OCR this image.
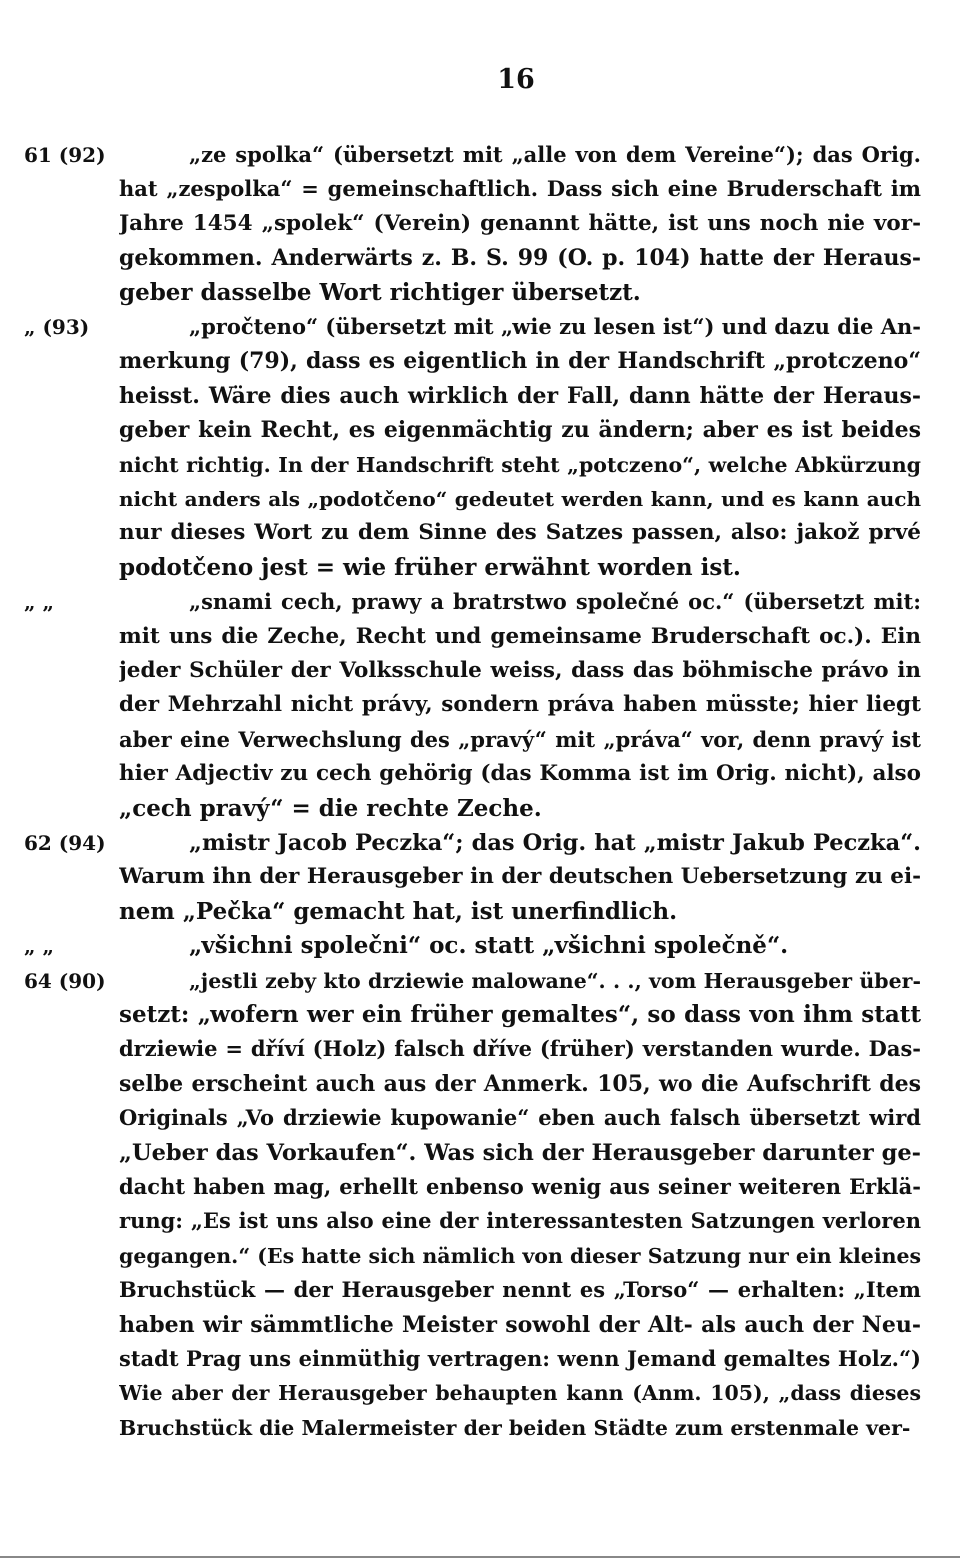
16
61 (92)	„ze spolka“ (übersetzt mit „alle von dem Vereine“); das Orig.
hat „zespolka“ = gemeinschaftlich. Dass sich eine Bruderschaft im
Jahre 1454 „spolek“ (Verein) genannt hätte, ist uns noch nie vor-
gekommen. Anderwärts z. B. S. 99 (O. p. 104) hatte der Heraus-
geber dasselbe Wort richtiger übersetzt.
„ (93)	„pročteno“ (übersetzt mit „wie zu lesen ist“) und dazu die An-
merkung (79), dass es eigentlich in der Handschrift „protczeno“
heisst. Wäre dies auch wirklich der Fall, dann hätte der Heraus-
geber kein Recht, es eigenmächtig zu ändern; aber es ist beides
nicht richtig. In der Handschrift steht „potczeno“, welche Abkürzung
nicht anders als „podotčeno“ gedeutet werden kann, und es kann auch
nur dieses Wort zu dem Sinne des Satzes passen, also: jakož prvé
podotčeno jest = wie früher erwähnt worden ist.
„ „	„snami cech, prawy a bratrstwo společné oc.“ (übersetzt mit:
mit uns die Zeche, Recht und gemeinsame Bruderschaft oc.). Ein
jeder Schüler der Volksschule weiss, dass das böhmische právo in
der Mehrzahl nicht právy, sondern práva haben müsste; hier liegt
aber eine Verwechslung des „pravý“ mit „práva“ vor, denn pravý ist
hier Adjectiv zu cech gehörig (das Komma ist im Orig. nicht), also
„cech pravý“ = die rechte Zeche.
62 (94)	„mistr Jacob Peczka“; das Orig. hat „mistr Jakub Peczka“.
Warum ihn der Herausgeber in der deutschen Uebersetzung zu ei-
nem „Pečka“ gemacht hat, ist unerfindlich.
„ „	„všichni společni“ oc. statt „všichni společně“.
64 (90)	„jestli zeby kto drziewie malowane“. . ., vom Herausgeber über-
setzt: „wofern wer ein früher gemaltes“, so dass von ihm statt
drziewie = dříví (Holz) falsch dříve (früher) verstanden wurde. Das-
selbe erscheint auch aus der Anmerk. 105, wo die Aufschrift des
Originals „Vo drziewie kupowanie“ eben auch falsch übersetzt wird
„Ueber das Vorkaufen“. Was sich der Herausgeber darunter ge-
dacht haben mag, erhellt enbenso wenig aus seiner weiteren Erklä-
rung: „Es ist uns also eine der interessantesten Satzungen verloren
gegangen.“ (Es hatte sich nämlich von dieser Satzung nur ein kleines
Bruchstück — der Herausgeber nennt es „Torso“ — erhalten: „Item
haben wir sämmtliche Meister sowohl der Alt- als auch der Neu-
stadt Prag uns einmüthig vertragen: wenn Jemand gemaltes Holz.“)
Wie aber der Herausgeber behaupten kann (Anm. 105), „dass dieses
Bruchstück die Malermeister der beiden Städte zum erstenmale ver-
